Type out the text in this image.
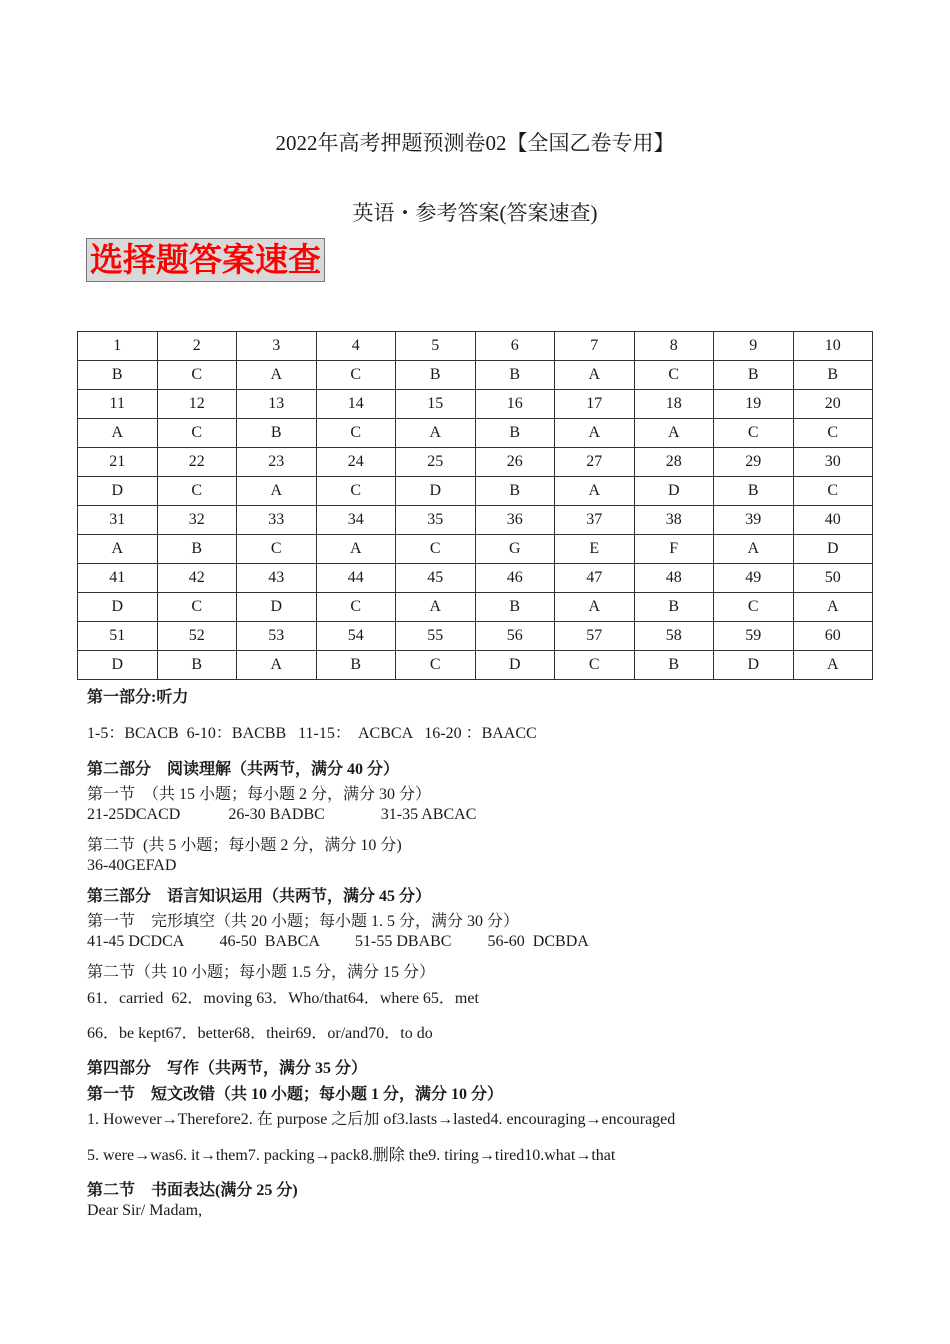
2022年高考押题预测卷02【全国乙卷专用】
英语・参考答案(答案速查)
选择题答案速查
1	2	3	4	5	6	7	8	9	10
B	C	A	C	B	B	A	C	B	B
11	12	13	14	15	16	17	18	19	20
A	C	B	C	A	B	A	A	C	C
21	22	23	24	25	26	27	28	29	30
D	C	A	C	D	B	A	D	B	C
31	32	33	34	35	36	37	38	39	40
A	B	C	A	C	G	E	F	A	D
41	42	43	44	45	46	47	48	49	50
D	C	D	C	A	B	A	B	C	A
51	52	53	54	55	56	57	58	59	60
D	B	A	B	C	D	C	B	D	A
第一部分:听力
1-5：BCACB  6-10：BACBB   11-15：  ACBCA   16-20 ：BAACC
第二部分    阅读理解（共两节，满分 40 分）
第一节  （共 15 小题；每小题 2 分，满分 30 分）
21-25DCACD            26-30 BADBC              31-35 ABCAC
第二节  (共 5 小题；每小题 2 分，满分 10 分)
36-40GEFAD
第三部分    语言知识运用（共两节，满分 45 分）
第一节    完形填空（共 20 小题；每小题 1. 5 分，满分 30 分）
41-45 DCDCA         46-50  BABCA         51-55 DBABC         56-60  DCBDA
第二节（共 10 小题；每小题 1.5 分，满分 15 分）
61．carried  62．moving 63．Who/that64．where 65．met
66．be kept67．better68．their69．or/and70．to do
第四部分    写作（共两节，满分 35 分）
第一节    短文改错（共 10 小题；每小题 1 分，满分 10 分）
1. However→Therefore2. 在 purpose 之后加 of3.lasts→lasted4. encouraging→encouraged
5. were→was6. it→them7. packing→pack8.删除 the9. tiring→tired10.what→that
第二节    书面表达(满分 25 分)
Dear Sir/ Madam,
